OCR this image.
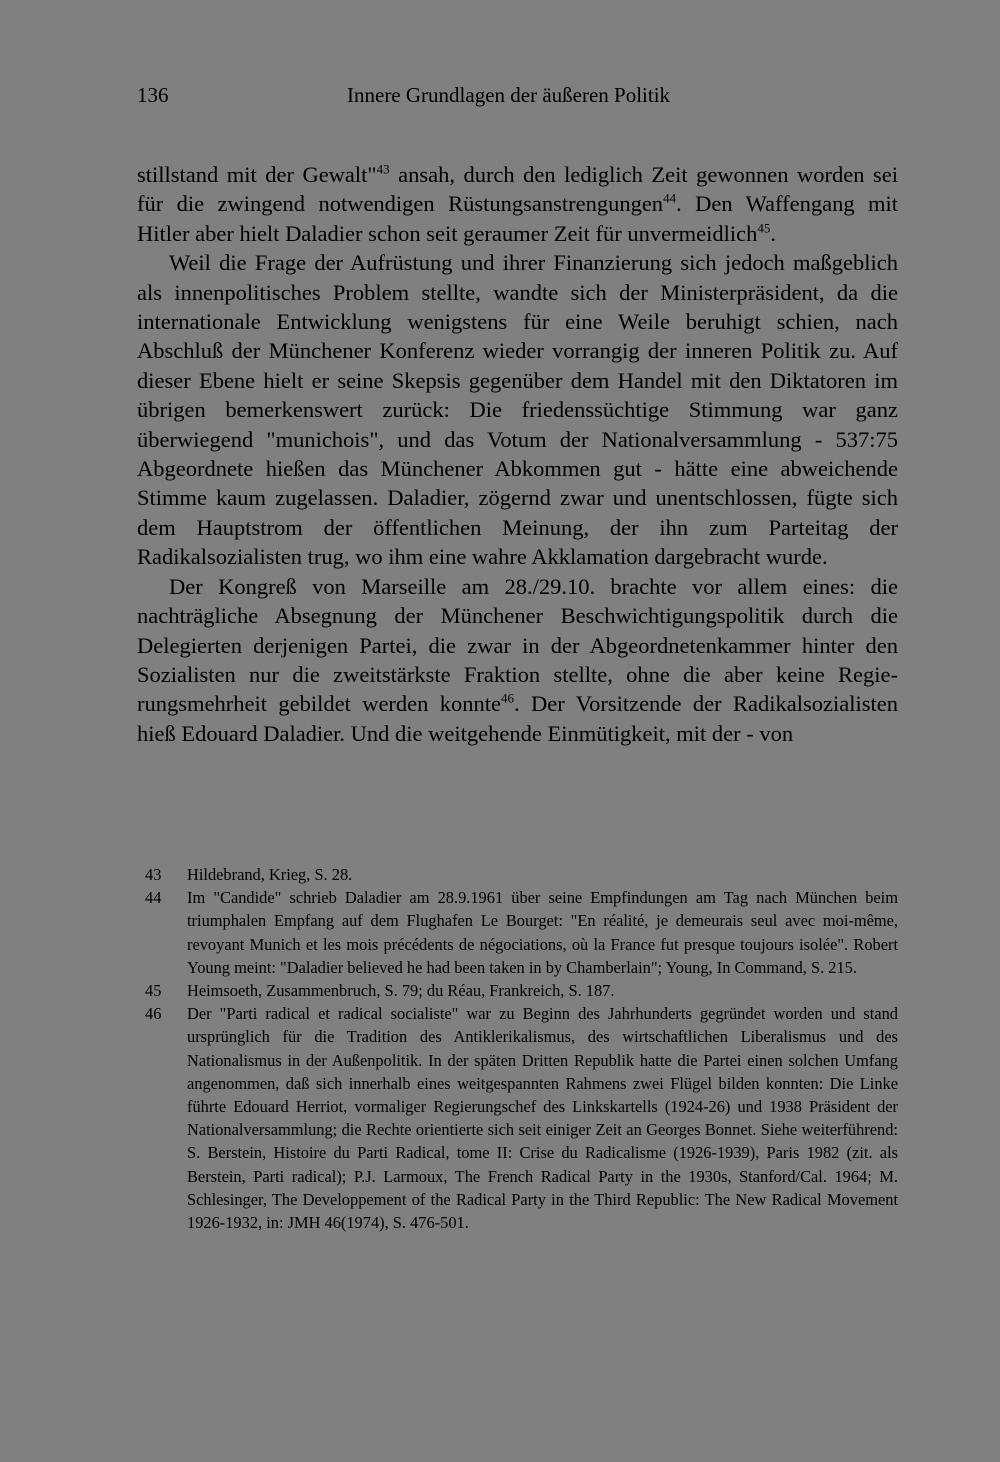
136	Innere Grundlagen der äußeren Politik

stillstand mit der Gewalt"$^{43}$ ansah, durch den lediglich Zeit gewonnen worden sei für die zwingend notwendigen Rüstungsanstrengungen$^{44}$. Den Waffengang mit Hitler aber hielt Daladier schon seit geraumer Zeit für unvermeidlich$^{45}$.

Weil die Frage der Aufrüstung und ihrer Finanzierung sich jedoch maßgeblich als innenpolitisches Problem stellte, wandte sich der Ministerpräsident, da die internationale Entwicklung wenigstens für eine Weile beruhigt schien, nach Abschluß der Münchener Konferenz wieder vorrangig der inneren Politik zu. Auf dieser Ebene hielt er seine Skepsis gegenüber dem Handel mit den Diktatoren im übrigen bemerkenswert zurück: Die friedenssüchtige Stimmung war ganz überwiegend "munichois", und das Votum der Nationalversammlung - 537:75 Abgeordnete hießen das Münchener Abkommen gut - hätte eine abweichende Stimme kaum zugelassen. Daladier, zögernd zwar und unentschlossen, fügte sich dem Hauptstrom der öffentlichen Meinung, der ihn zum Parteitag der Radikalsozialisten trug, wo ihm eine wahre Akklamation dargebracht wurde.

Der Kongreß von Marseille am 28./29.10. brachte vor allem eines: die nachträgliche Absegnung der Münchener Beschwichtigungspolitik durch die Delegierten derjenigen Partei, die zwar in der Abgeordnetenkammer hinter den Sozialisten nur die zweitstärkste Fraktion stellte, ohne die aber keine Regierungsmehrheit gebildet werden konnte$^{46}$. Der Vorsitzende der Radikalsozialisten hieß Edouard Daladier. Und die weitgehende Einmütigkeit, mit der - von

43	Hildebrand, Krieg, S. 28.
44	Im "Candide" schrieb Daladier am 28.9.1961 über seine Empfindungen am Tag nach München beim triumphalen Empfang auf dem Flughafen Le Bourget: "En réalité, je demeurais seul avec moi-même, revoyant Munich et les mois précédents de négociations, où la France fut presque toujours isolée". Robert Young meint: "Daladier believed he had been taken in by Chamberlain"; Young, In Command, S. 215.
45	Heimsoeth, Zusammenbruch, S. 79; du Réau, Frankreich, S. 187.
46	Der "Parti radical et radical socialiste" war zu Beginn des Jahrhunderts gegründet worden und stand ursprünglich für die Tradition des Antiklerikalismus, des wirtschaftlichen Liberalismus und des Nationalismus in der Außenpolitik. In der späten Dritten Republik hatte die Partei einen solchen Umfang angenommen, daß sich innerhalb eines weitgespannten Rahmens zwei Flügel bilden konnten: Die Linke führte Edouard Herriot, vormaliger Regierungschef des Linkskartells (1924-26) und 1938 Präsident der Nationalversammlung; die Rechte orientierte sich seit einiger Zeit an Georges Bonnet. Siehe weiterführend: S. Berstein, Histoire du Parti Radical, tome II: Crise du Radicalisme (1926-1939), Paris 1982 (zit. als Berstein, Parti radical); P.J. Larmoux, The French Radical Party in the 1930s, Stanford/Cal. 1964; M. Schlesinger, The Developpement of the Radical Party in the Third Republic: The New Radical Movement 1926-1932, in: JMH 46(1974), S. 476-501.
